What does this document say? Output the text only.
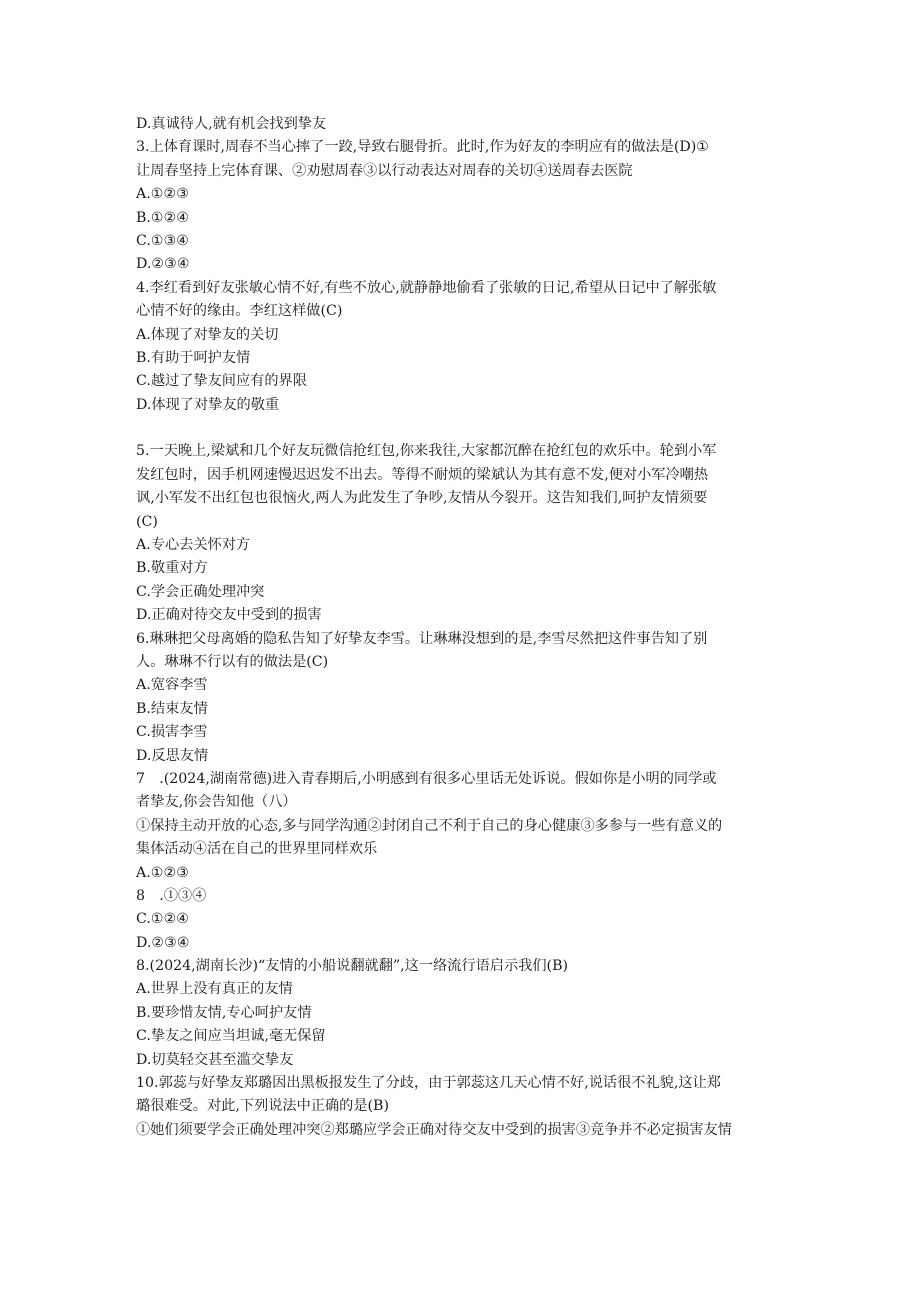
D.真诚待人,就有机会找到挚友
3.上体育课时,周春不当心摔了一跤,导致右腿骨折。此时,作为好友的李明应有的做法是(D)①
让周春坚持上完体育课、②劝慰周春③以行动表达对周春的关切④送周春去医院
A.①②③
B.①②④
C.①③④
D.②③④
4.李红看到好友张敏心情不好,有些不放心,就静静地偷看了张敏的日记,希望从日记中了解张敏
心情不好的缘由。李红这样做(C)
A.体现了对挚友的关切
B.有助于呵护友情
C.越过了挚友间应有的界限
D.体现了对挚友的敬重
5.一天晚上,梁斌和几个好友玩微信抢红包,你来我往,大家都沉醉在抢红包的欢乐中。轮到小军
发红包时，因手机网速慢迟迟发不出去。等得不耐烦的梁斌认为其有意不发,便对小军冷嘲热
讽,小军发不出红包也很恼火,两人为此发生了争吵,友情从今裂开。这告知我们,呵护友情须要
(C)
A.专心去关怀对方
B.敬重对方
C.学会正确处理冲突
D.正确对待交友中受到的损害
6.琳琳把父母离婚的隐私告知了好挚友李雪。让琳琳没想到的是,李雪尽然把这件事告知了别
人。琳琳不行以有的做法是(C)
A.宽容李雪
B.结束友情
C.损害李雪
D.反思友情
7　.(2024,湖南常德)进入青春期后,小明感到有很多心里话无处诉说。假如你是小明的同学或
者挚友,你会告知他（八）
①保持主动开放的心态,多与同学沟通②封闭自己不利于自己的身心健康③多参与一些有意义的
集体活动④活在自己的世界里同样欢乐
A.①②③
8　.①③④
C.①②④
D.②③④
8.(2024,湖南长沙)“友情的小船说翻就翻”,这一络流行语启示我们(B)
A.世界上没有真正的友情
B.要珍惜友情,专心呵护友情
C.挚友之间应当坦诚,毫无保留
D.切莫轻交甚至滥交挚友
10.郭蕊与好挚友郑璐因出黑板报发生了分歧，由于郭蕊这几天心情不好,说话很不礼貌,这让郑
璐很难受。对此,下列说法中正确的是(B)
①她们须要学会正确处理冲突②郑璐应学会正确对待交友中受到的损害③竞争并不必定损害友情
